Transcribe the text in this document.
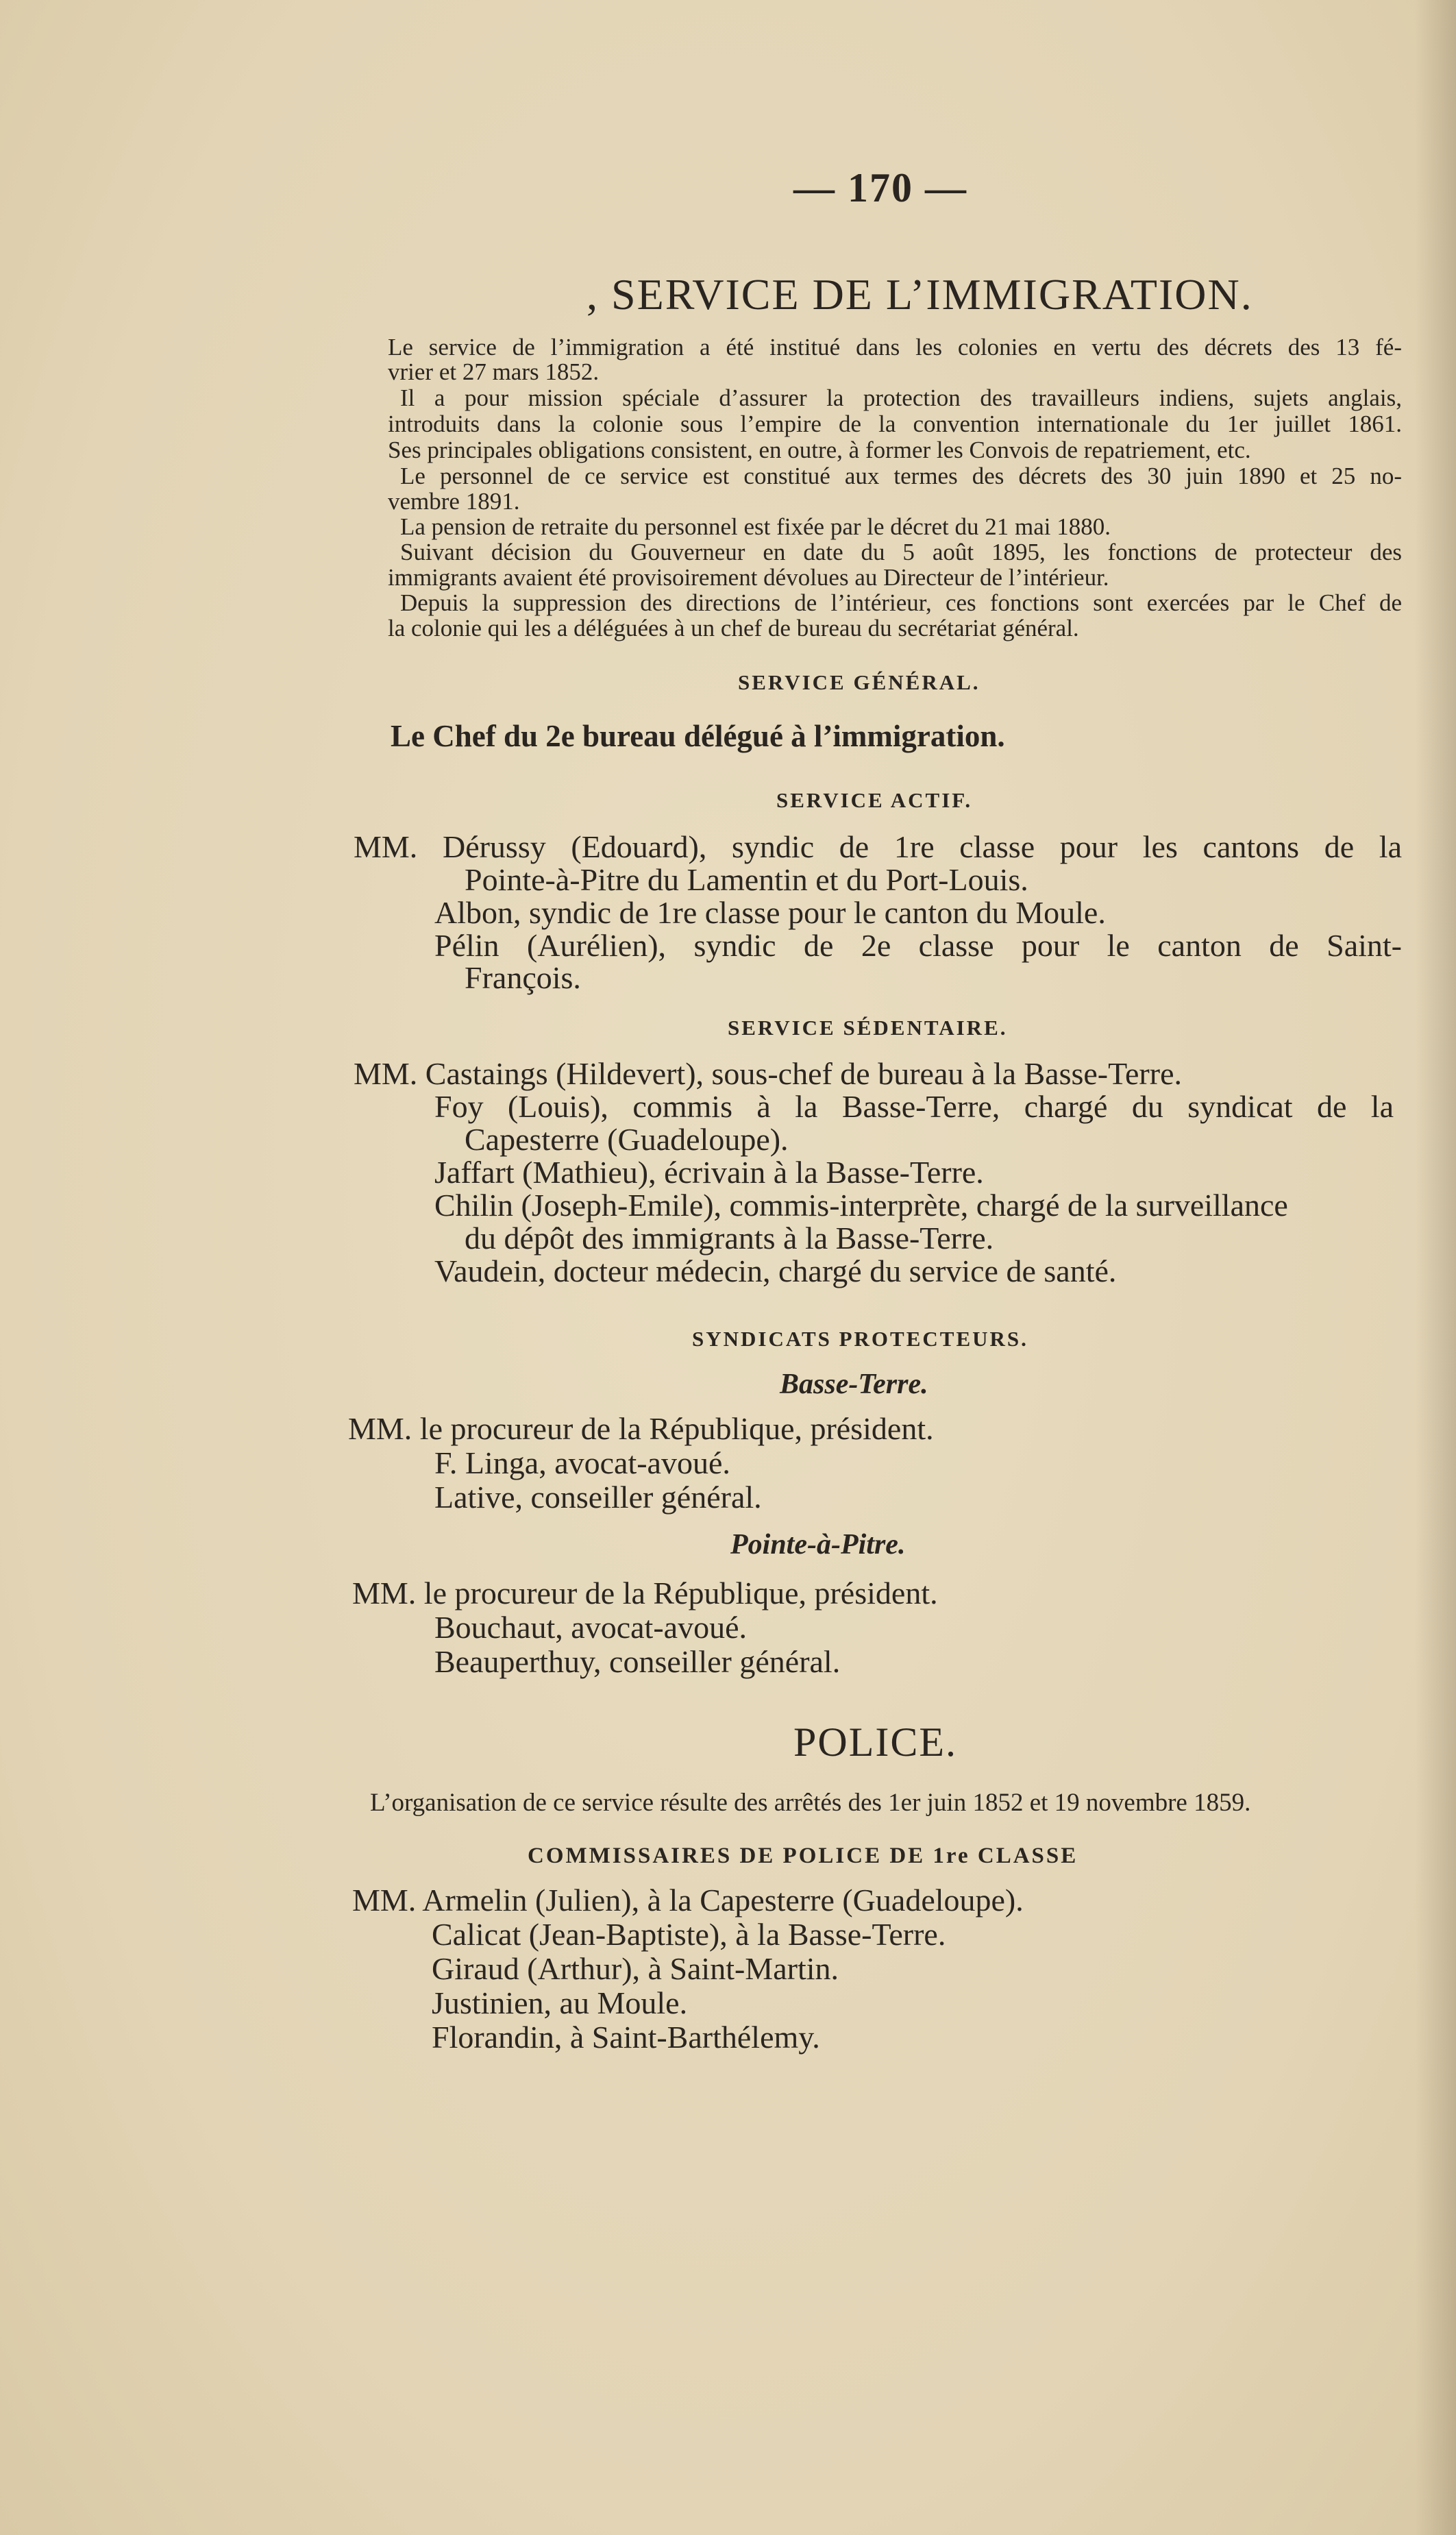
— 170 —
, SERVICE DE L’IMMIGRATION.
Le service de l’immigration a été institué dans les colonies en vertu des décrets des 13 fé-
vrier et 27 mars 1852.
Il a pour mission spéciale d’assurer la protection des travailleurs indiens, sujets anglais,
introduits dans la colonie sous l’empire de la convention internationale du 1er juillet 1861.
Ses principales obligations consistent, en outre, à former les Convois de repatriement, etc.
Le personnel de ce service est constitué aux termes des décrets des 30 juin 1890 et 25 no-
vembre 1891.
La pension de retraite du personnel est fixée par le décret du 21 mai 1880.
Suivant décision du Gouverneur en date du 5 août 1895, les fonctions de protecteur des
immigrants avaient été provisoirement dévolues au Directeur de l’intérieur.
Depuis la suppression des directions de l’intérieur, ces fonctions sont exercées par le Chef de
la colonie qui les a déléguées à un chef de bureau du secrétariat général.
SERVICE GÉNÉRAL.
Le Chef du 2e bureau délégué à l’immigration.
SERVICE ACTIF.
MM. Dérussy (Edouard), syndic de 1re classe pour les cantons de la
Pointe-à-Pitre du Lamentin et du Port-Louis.
Albon, syndic de 1re classe pour le canton du Moule.
Pélin (Aurélien), syndic de 2e classe pour le canton de Saint-
François.
SERVICE SÉDENTAIRE.
MM. Castaings (Hildevert), sous-chef de bureau à la Basse-Terre.
Foy (Louis), commis à la Basse-Terre, chargé du syndicat de la
Capesterre (Guadeloupe).
Jaffart (Mathieu), écrivain à la Basse-Terre.
Chilin (Joseph-Emile), commis-interprète, chargé de la surveillance
du dépôt des immigrants à la Basse-Terre.
Vaudein, docteur médecin, chargé du service de santé.
SYNDICATS PROTECTEURS.
Basse-Terre.
MM. le procureur de la République, président.
F. Linga, avocat-avoué.
Lative, conseiller général.
Pointe-à-Pitre.
MM. le procureur de la République, président.
Bouchaut, avocat-avoué.
Beauperthuy, conseiller général.
POLICE.
L’organisation de ce service résulte des arrêtés des 1er juin 1852 et 19 novembre 1859.
COMMISSAIRES DE POLICE DE 1re CLASSE
MM. Armelin (Julien), à la Capesterre (Guadeloupe).
Calicat (Jean-Baptiste), à la Basse-Terre.
Giraud (Arthur), à Saint-Martin.
Justinien, au Moule.
Florandin, à Saint-Barthélemy.
